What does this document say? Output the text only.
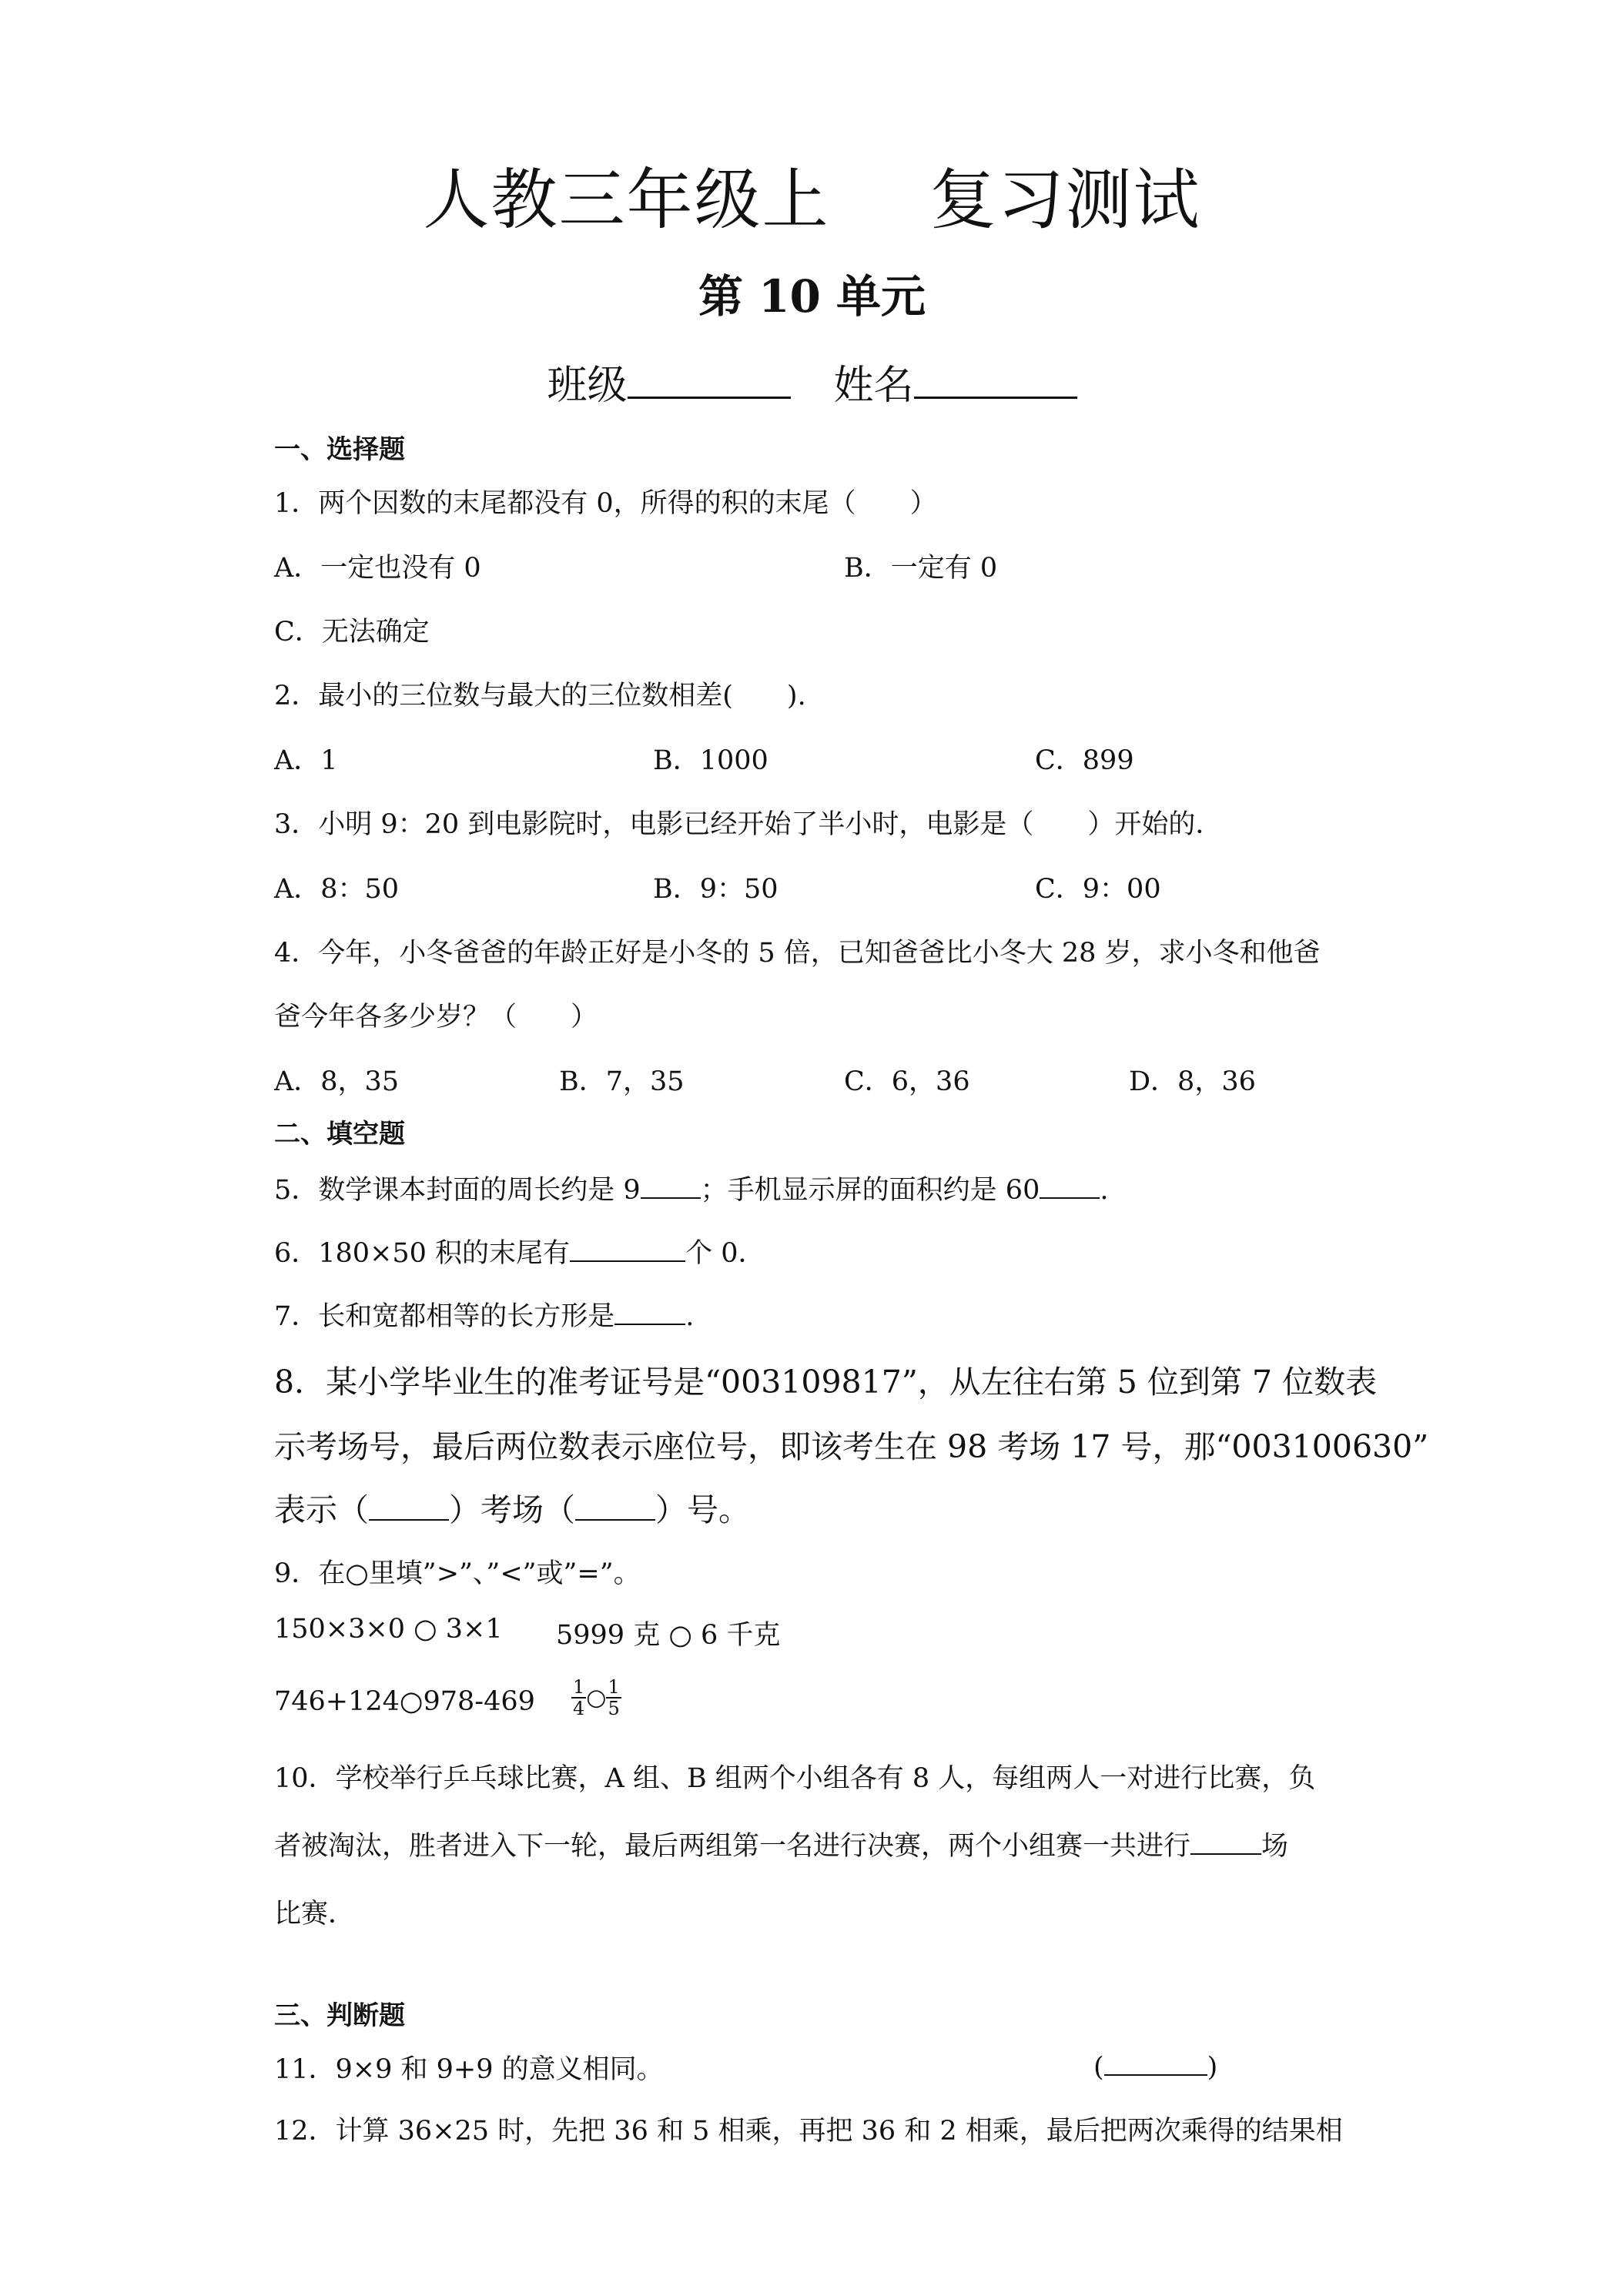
人教三年级上 复习测试
第 10 单元
班级	姓名
一、选择题
1．两个因数的末尾都没有 0，所得的积的末尾（　　）
A．一定也没有 0	B．一定有 0
C．无法确定
2．最小的三位数与最大的三位数相差(　　).
A．1	B．1000	C．899
3．小明 9：20 到电影院时，电影已经开始了半小时，电影是（　　）开始的．
A．8：50	B．9：50	C．9：00
4．今年，小冬爸爸的年龄正好是小冬的 5 倍，已知爸爸比小冬大 28 岁，求小冬和他爸
爸今年各多少岁？（　　）
A．8，35	B．7，35	C．6，36	D．8，36
二、填空题
5．数学课本封面的周长约是 9 ；手机显示屏的面积约是 60 .
6．180×50 积的末尾有	个 0．
7．长和宽都相等的长方形是	.
8．某小学毕业生的准考证号是“003109817”，从左往右第 5 位到第 7 位数表
示考场号，最后两位数表示座位号，即该考生在 98 考场 17 号，那“003100630”
表示（	）考场（	）号。
9．在○里填”>”、”<”或”=”。
150×3×0 ○ 3×1 5999 克 ○ 6 千克
746+124○978-469 $\frac{1}{4}$ ○ $\frac{1}{5}$
10．学校举行乒乓球比赛，A 组、B 组两个小组各有 8 人，每组两人一对进行比赛，负
者被淘汰，胜者进入下一轮，最后两组第一名进行决赛，两个小组赛一共进行	场
比赛．
三、判断题
11．9×9 和 9+9 的意义相同。	(	)
12．计算 36×25 时，先把 36 和 5 相乘，再把 36 和 2 相乘，最后把两次乘得的结果相
